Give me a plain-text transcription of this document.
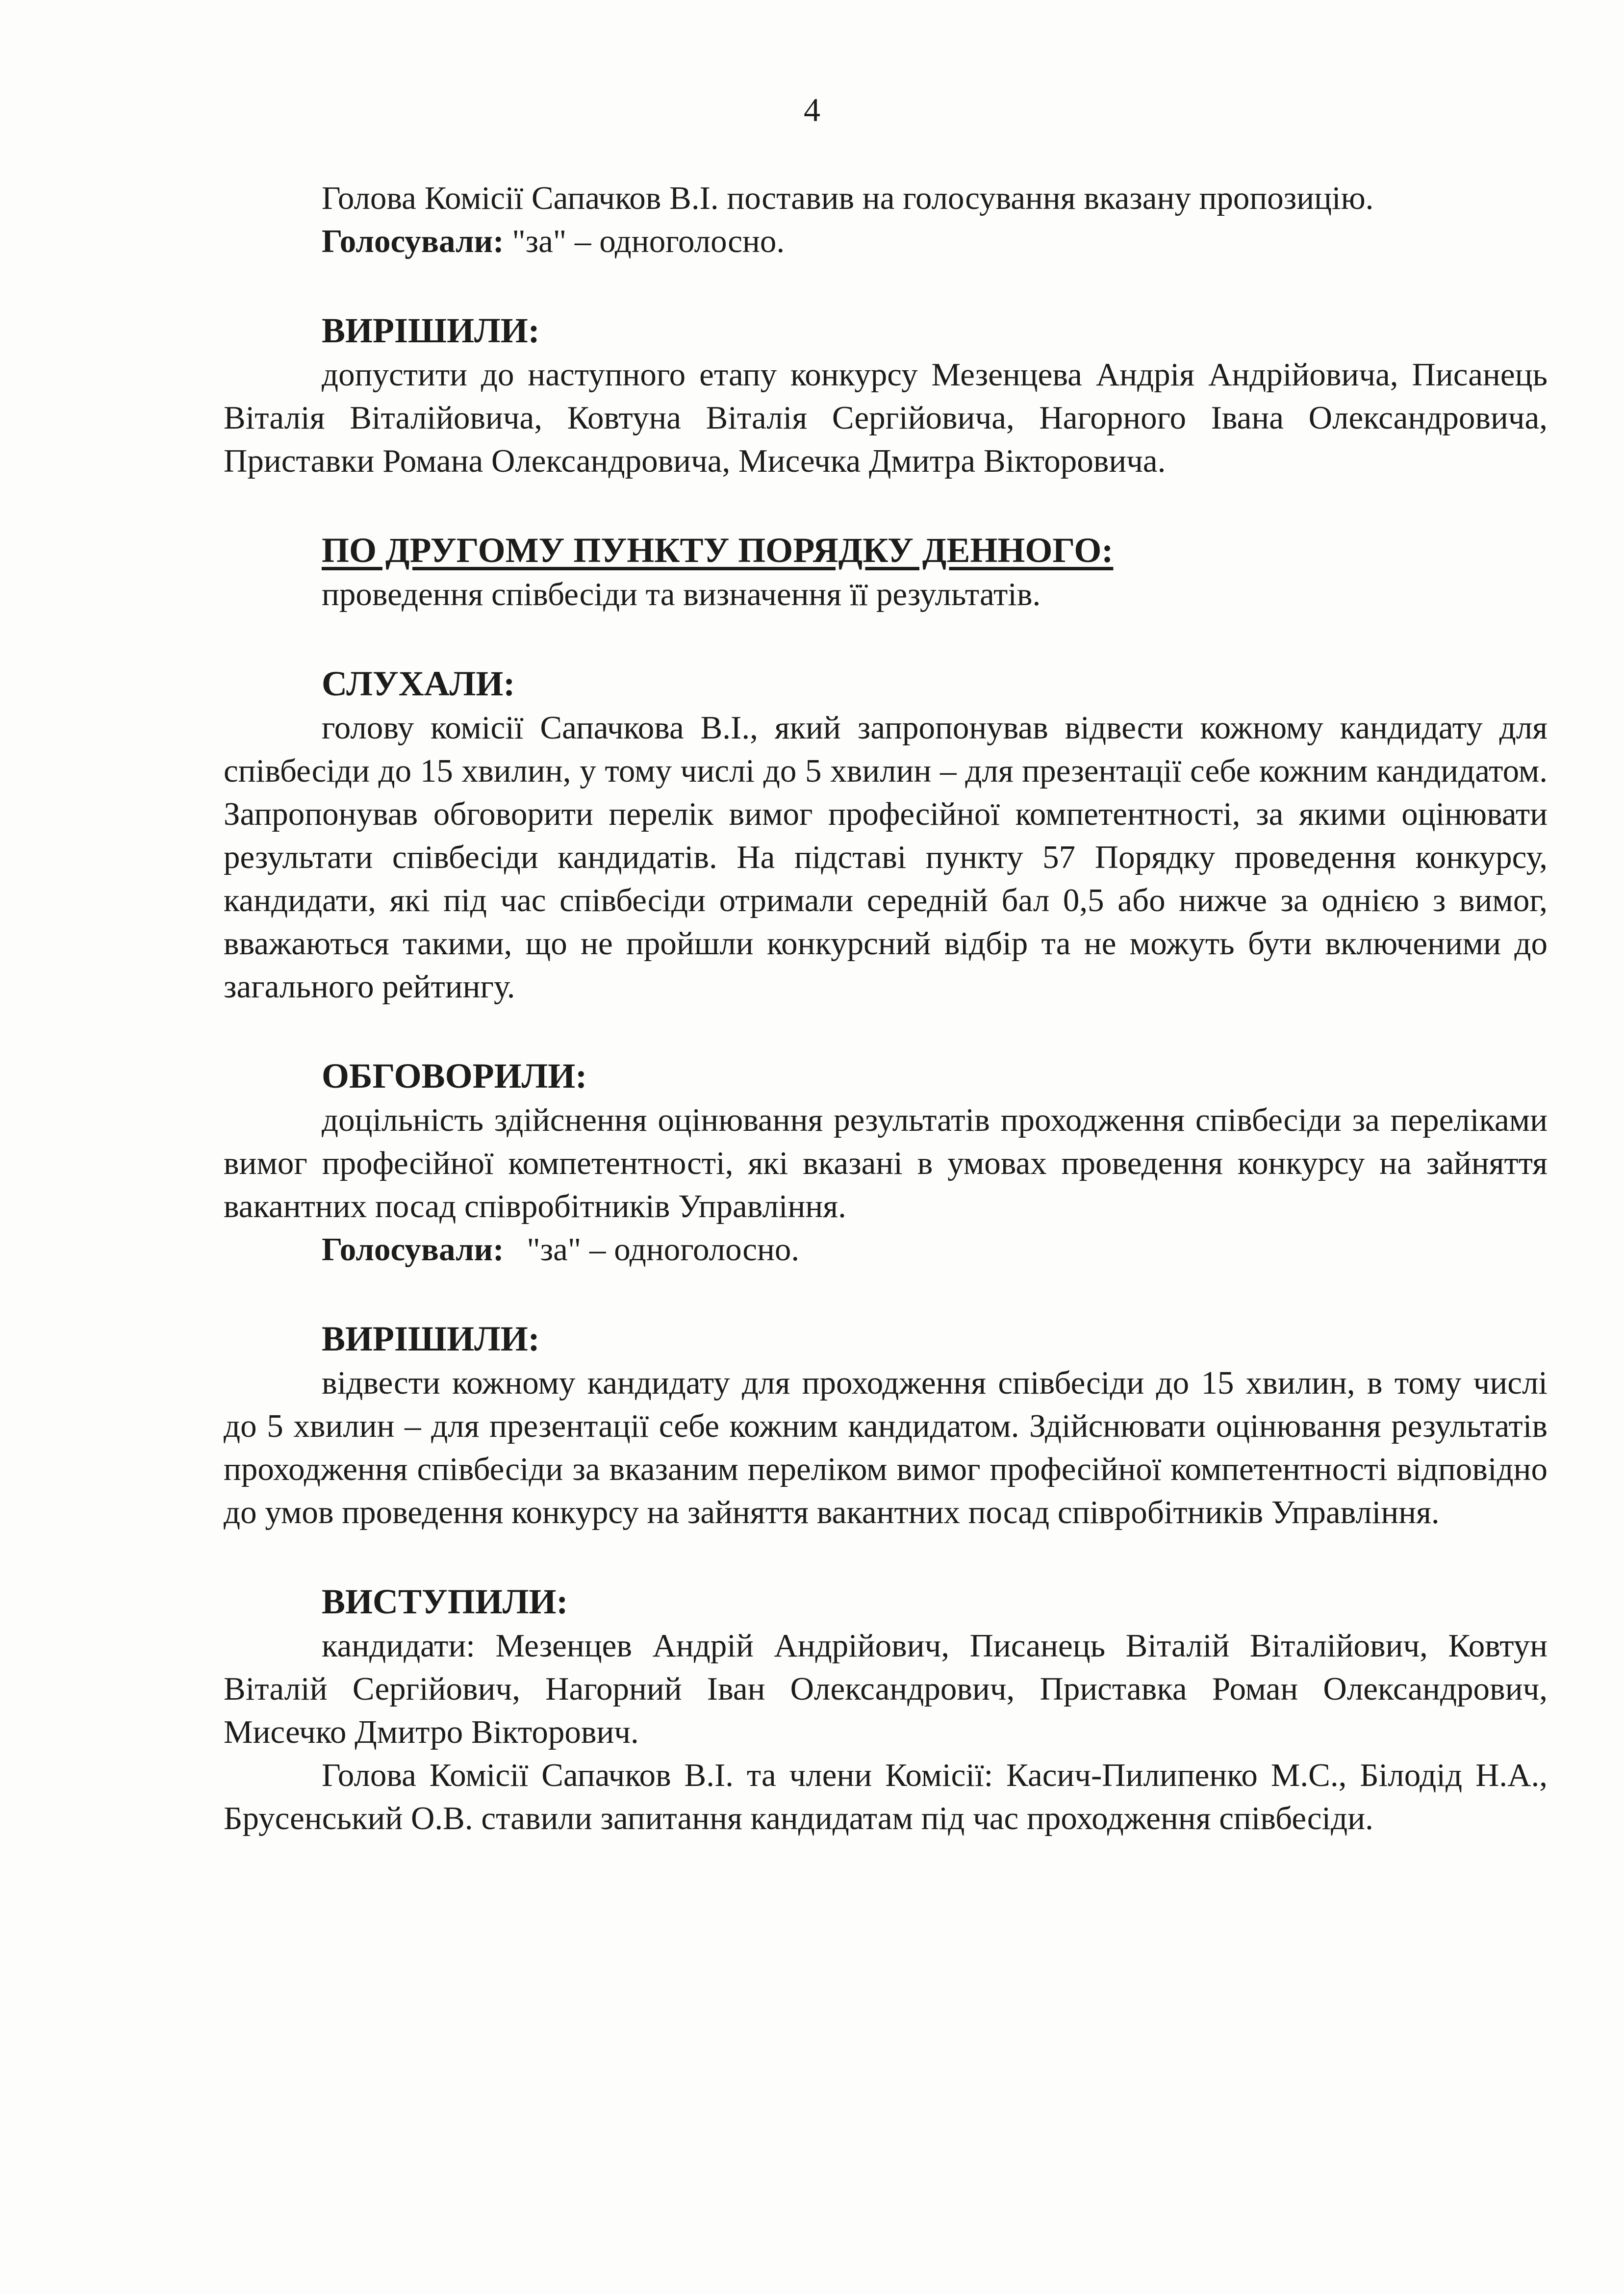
4

Голова Комісії Сапачков В.І. поставив на голосування вказану пропозицію.

Голосували: "за" – одноголосно.

ВИРІШИЛИ:

допустити до наступного етапу конкурсу Мезенцева Андрія Андрійовича, Писанець Віталія Віталійовича, Ковтуна Віталія Сергійовича, Нагорного Івана Олександровича, Приставки Романа Олександровича, Мисечка Дмитра Вікторовича.

ПО ДРУГОМУ ПУНКТУ ПОРЯДКУ ДЕННОГО:

проведення співбесіди та визначення її результатів.

СЛУХАЛИ:

голову комісії Сапачкова В.І., який запропонував відвести кожному кандидату для співбесіди до 15 хвилин, у тому числі до 5 хвилин – для презентації себе кожним кандидатом. Запропонував обговорити перелік вимог професійної компетентності, за якими оцінювати результати співбесіди кандидатів. На підставі пункту 57 Порядку проведення конкурсу, кандидати, які під час співбесіди отримали середній бал 0,5 або нижче за однією з вимог, вважаються такими, що не пройшли конкурсний відбір та не можуть бути включеними до загального рейтингу.

ОБГОВОРИЛИ:

доцільність здійснення оцінювання результатів проходження співбесіди за переліками вимог професійної компетентності, які вказані в умовах проведення конкурсу на зайняття вакантних посад співробітників Управління.

Голосували: "за" – одноголосно.

ВИРІШИЛИ:

відвести кожному кандидату для проходження співбесіди до 15 хвилин, в тому числі до 5 хвилин – для презентації себе кожним кандидатом. Здійснювати оцінювання результатів проходження співбесіди за вказаним переліком вимог професійної компетентності відповідно до умов проведення конкурсу на зайняття вакантних посад співробітників Управління.

ВИСТУПИЛИ:

кандидати: Мезенцев Андрій Андрійович, Писанець Віталій Віталійович, Ковтун Віталій Сергійович, Нагорний Іван Олександрович, Приставка Роман Олександрович, Мисечко Дмитро Вікторович.

Голова Комісії Сапачков В.І. та члени Комісії: Касич-Пилипенко М.С., Білодід Н.А., Брусенський О.В. ставили запитання кандидатам під час проходження співбесіди.
